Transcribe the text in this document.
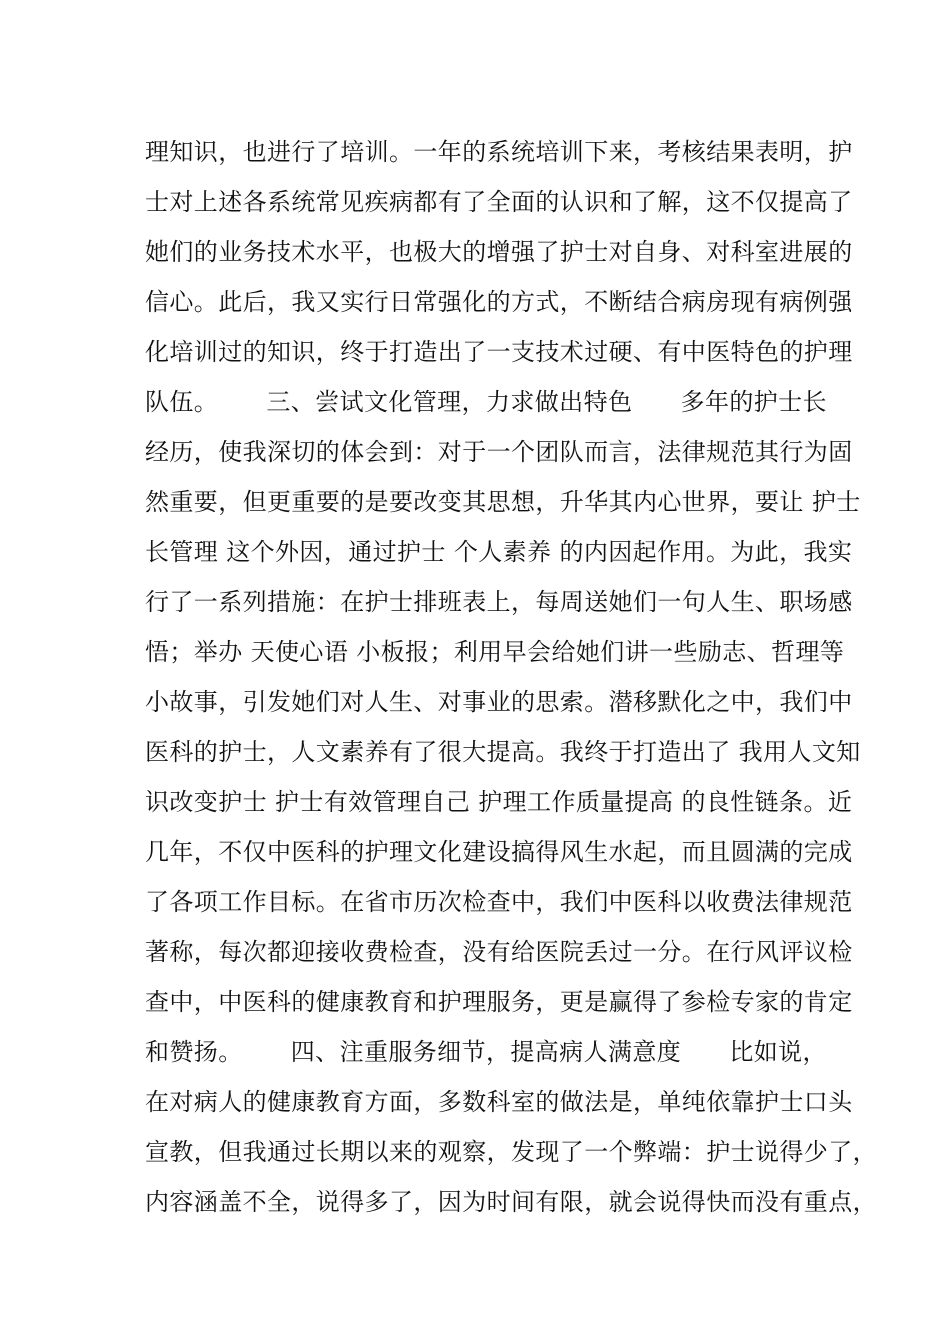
理知识，也进行了培训。一年的系统培训下来，考核结果表明，护
士对上述各系统常见疾病都有了全面的认识和了解，这不仅提高了
她们的业务技术水平，也极大的增强了护士对自身、对科室进展的
信心。此后，我又实行日常强化的方式，不断结合病房现有病例强
化培训过的知识，终于打造出了一支技术过硬、有中医特色的护理
队伍。      三、尝试文化管理，力求做出特色      多年的护士长
经历，使我深切的体会到：对于一个团队而言，法律规范其行为固
然重要，但更重要的是要改变其思想，升华其内心世界，要让 护士
长管理 这个外因，通过护士 个人素养 的内因起作用。为此，我实
行了一系列措施：在护士排班表上，每周送她们一句人生、职场感
悟；举办 天使心语 小板报；利用早会给她们讲一些励志、哲理等
小故事，引发她们对人生、对事业的思索。潜移默化之中，我们中
医科的护士，人文素养有了很大提高。我终于打造出了 我用人文知
识改变护士 护士有效管理自己 护理工作质量提高 的良性链条。近
几年，不仅中医科的护理文化建设搞得风生水起，而且圆满的完成
了各项工作目标。在省市历次检查中，我们中医科以收费法律规范
著称，每次都迎接收费检查，没有给医院丢过一分。在行风评议检
查中，中医科的健康教育和护理服务，更是赢得了参检专家的肯定
和赞扬。      四、注重服务细节，提高病人满意度      比如说，
在对病人的健康教育方面，多数科室的做法是，单纯依靠护士口头
宣教，但我通过长期以来的观察，发现了一个弊端：护士说得少了，
内容涵盖不全，说得多了，因为时间有限，就会说得快而没有重点，
